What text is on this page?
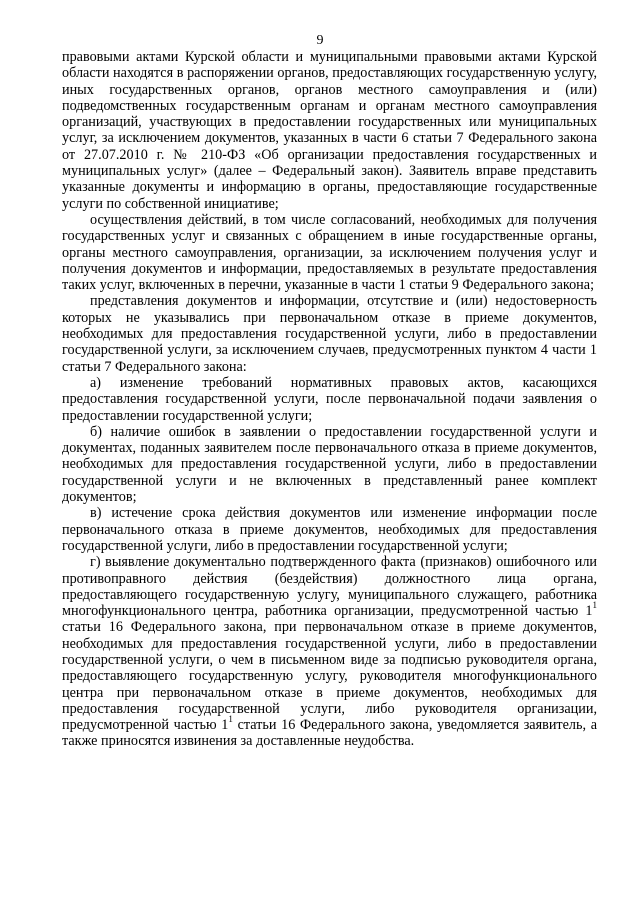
9

правовыми актами Курской области и муниципальными правовыми актами Курской области находятся в распоряжении органов, предоставляющих государственную услугу, иных государственных органов, органов местного самоуправления и (или) подведомственных государственным органам и органам местного самоуправления организаций, участвующих в предоставлении государственных или муниципальных услуг, за исключением документов, указанных в части 6 статьи 7 Федерального закона от 27.07.2010 г. № 210-ФЗ «Об организации предоставления государственных и муниципальных услуг» (далее – Федеральный закон). Заявитель вправе представить указанные документы и информацию в органы, предоставляющие государственные услуги по собственной инициативе;

осуществления действий, в том числе согласований, необходимых для получения государственных услуг и связанных с обращением в иные государственные органы, органы местного самоуправления, организации, за исключением получения услуг и получения документов и информации, предоставляемых в результате предоставления таких услуг, включенных в перечни, указанные в части 1 статьи 9 Федерального закона;

представления документов и информации, отсутствие и (или) недостоверность которых не указывались при первоначальном отказе в приеме документов, необходимых для предоставления государственной услуги, либо в предоставлении государственной услуги, за исключением случаев, предусмотренных пунктом 4 части 1 статьи 7 Федерального закона:

а) изменение требований нормативных правовых актов, касающихся предоставления государственной услуги, после первоначальной подачи заявления о предоставлении государственной услуги;

б) наличие ошибок в заявлении о предоставлении государственной услуги и документах, поданных заявителем после первоначального отказа в приеме документов, необходимых для предоставления государственной услуги, либо в предоставлении государственной услуги и не включенных в представленный ранее комплект документов;

в) истечение срока действия документов или изменение информации после первоначального отказа в приеме документов, необходимых для предоставления государственной услуги, либо в предоставлении государственной услуги;

г) выявление документально подтвержденного факта (признаков) ошибочного или противоправного действия (бездействия) должностного лица органа, предоставляющего государственную услугу, муниципального служащего, работника многофункционального центра, работника организации, предусмотренной частью $1^1$ статьи 16 Федерального закона, при первоначальном отказе в приеме документов, необходимых для предоставления государственной услуги, либо в предоставлении государственной услуги, о чем в письменном виде за подписью руководителя органа, предоставляющего государственную услугу, руководителя многофункционального центра при первоначальном отказе в приеме документов, необходимых для предоставления государственной услуги, либо руководителя организации, предусмотренной частью $1^1$ статьи 16 Федерального закона, уведомляется заявитель, а также приносятся извинения за доставленные неудобства.
